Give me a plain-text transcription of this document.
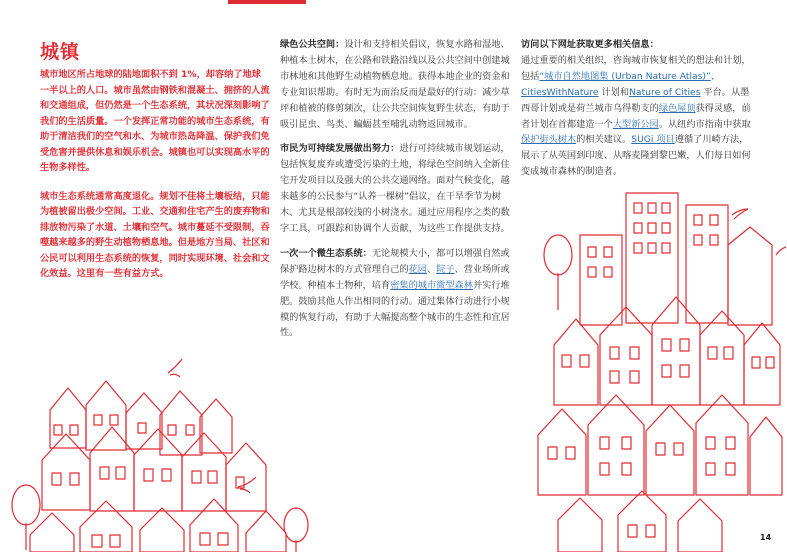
城镇

城市地区所占地球的陆地面积不到 1%，却容纳了地球一半以上的人口。城市虽然由钢铁和混凝土、拥挤的人流和交通组成，但仍然是一个生态系统，其状况深刻影响了我们的生活质量。一个发挥正常功能的城市生态系统，有助于清洁我们的空气和水、为城市热岛降温、保护我们免受危害并提供休息和娱乐机会。城镇也可以实现高水平的生物多样性。

城市生态系统通常高度退化。规划不佳将土壤板结，只能为植被留出极少空间。工业、交通和住宅产生的废弃物和排放物污染了水道、土壤和空气。城市蔓延不受限制，吞噬越来越多的野生动植物栖息地。但是地方当局、社区和公民可以利用生态系统的恢复，同时实现环境、社会和文化效益。这里有一些有益方式。

绿色公共空间：设计和支持相关倡议，恢复水路和湿地、种植本土树木，在公路和铁路沿线以及公共空间中创建城市林地和其他野生动植物栖息地。获得本地企业的资金和专业知识帮助。有时无为而治反而是最好的行动：减少草坪和植被的修剪频次，让公共空间恢复野生状态，有助于吸引昆虫、鸟类、蝙蝠甚至哺乳动物返回城市。

市民为可持续发展做出努力：进行可持续城市规划运动，包括恢复废弃或遭受污染的土地，将绿色空间纳入全新住宅开发项目以及强大的公共交通网络。面对气候变化，越来越多的公民参与“认养一棵树”倡议，在干旱季节为树木、尤其是根部较浅的小树浇水。通过应用程序之类的数字工具，可跟踪和协调个人贡献，为这些工作提供支持。

一次一个微生态系统：无论规模大小，都可以增强自然或保护路边树木的方式管理自己的花园、院子、营业场所或学校。种植本土物种，培育密集的城市微型森林并实行堆肥。鼓励其他人作出相同的行动。通过集体行动进行小规模的恢复行动，有助于大幅提高整个城市的生态性和宜居性。

访问以下网址获取更多相关信息：
通过重要的相关组织，咨询城市恢复相关的想法和计划，包括“城市自然地图集 (Urban Nature Atlas)”、CitiesWithNature 计划和Nature of Cities 平台。从墨西哥计划或是荷兰城市乌得勒支的绿色屋顶获得灵感，前者计划在首都建造一个大型新公园。从纽约市指南中获取保护街头树木的相关建议。SUGi 项目遵循了川崎方法，展示了从英国到印度、从喀麦隆到黎巴嫩，人们每日如何变成城市森林的制造者。

14
